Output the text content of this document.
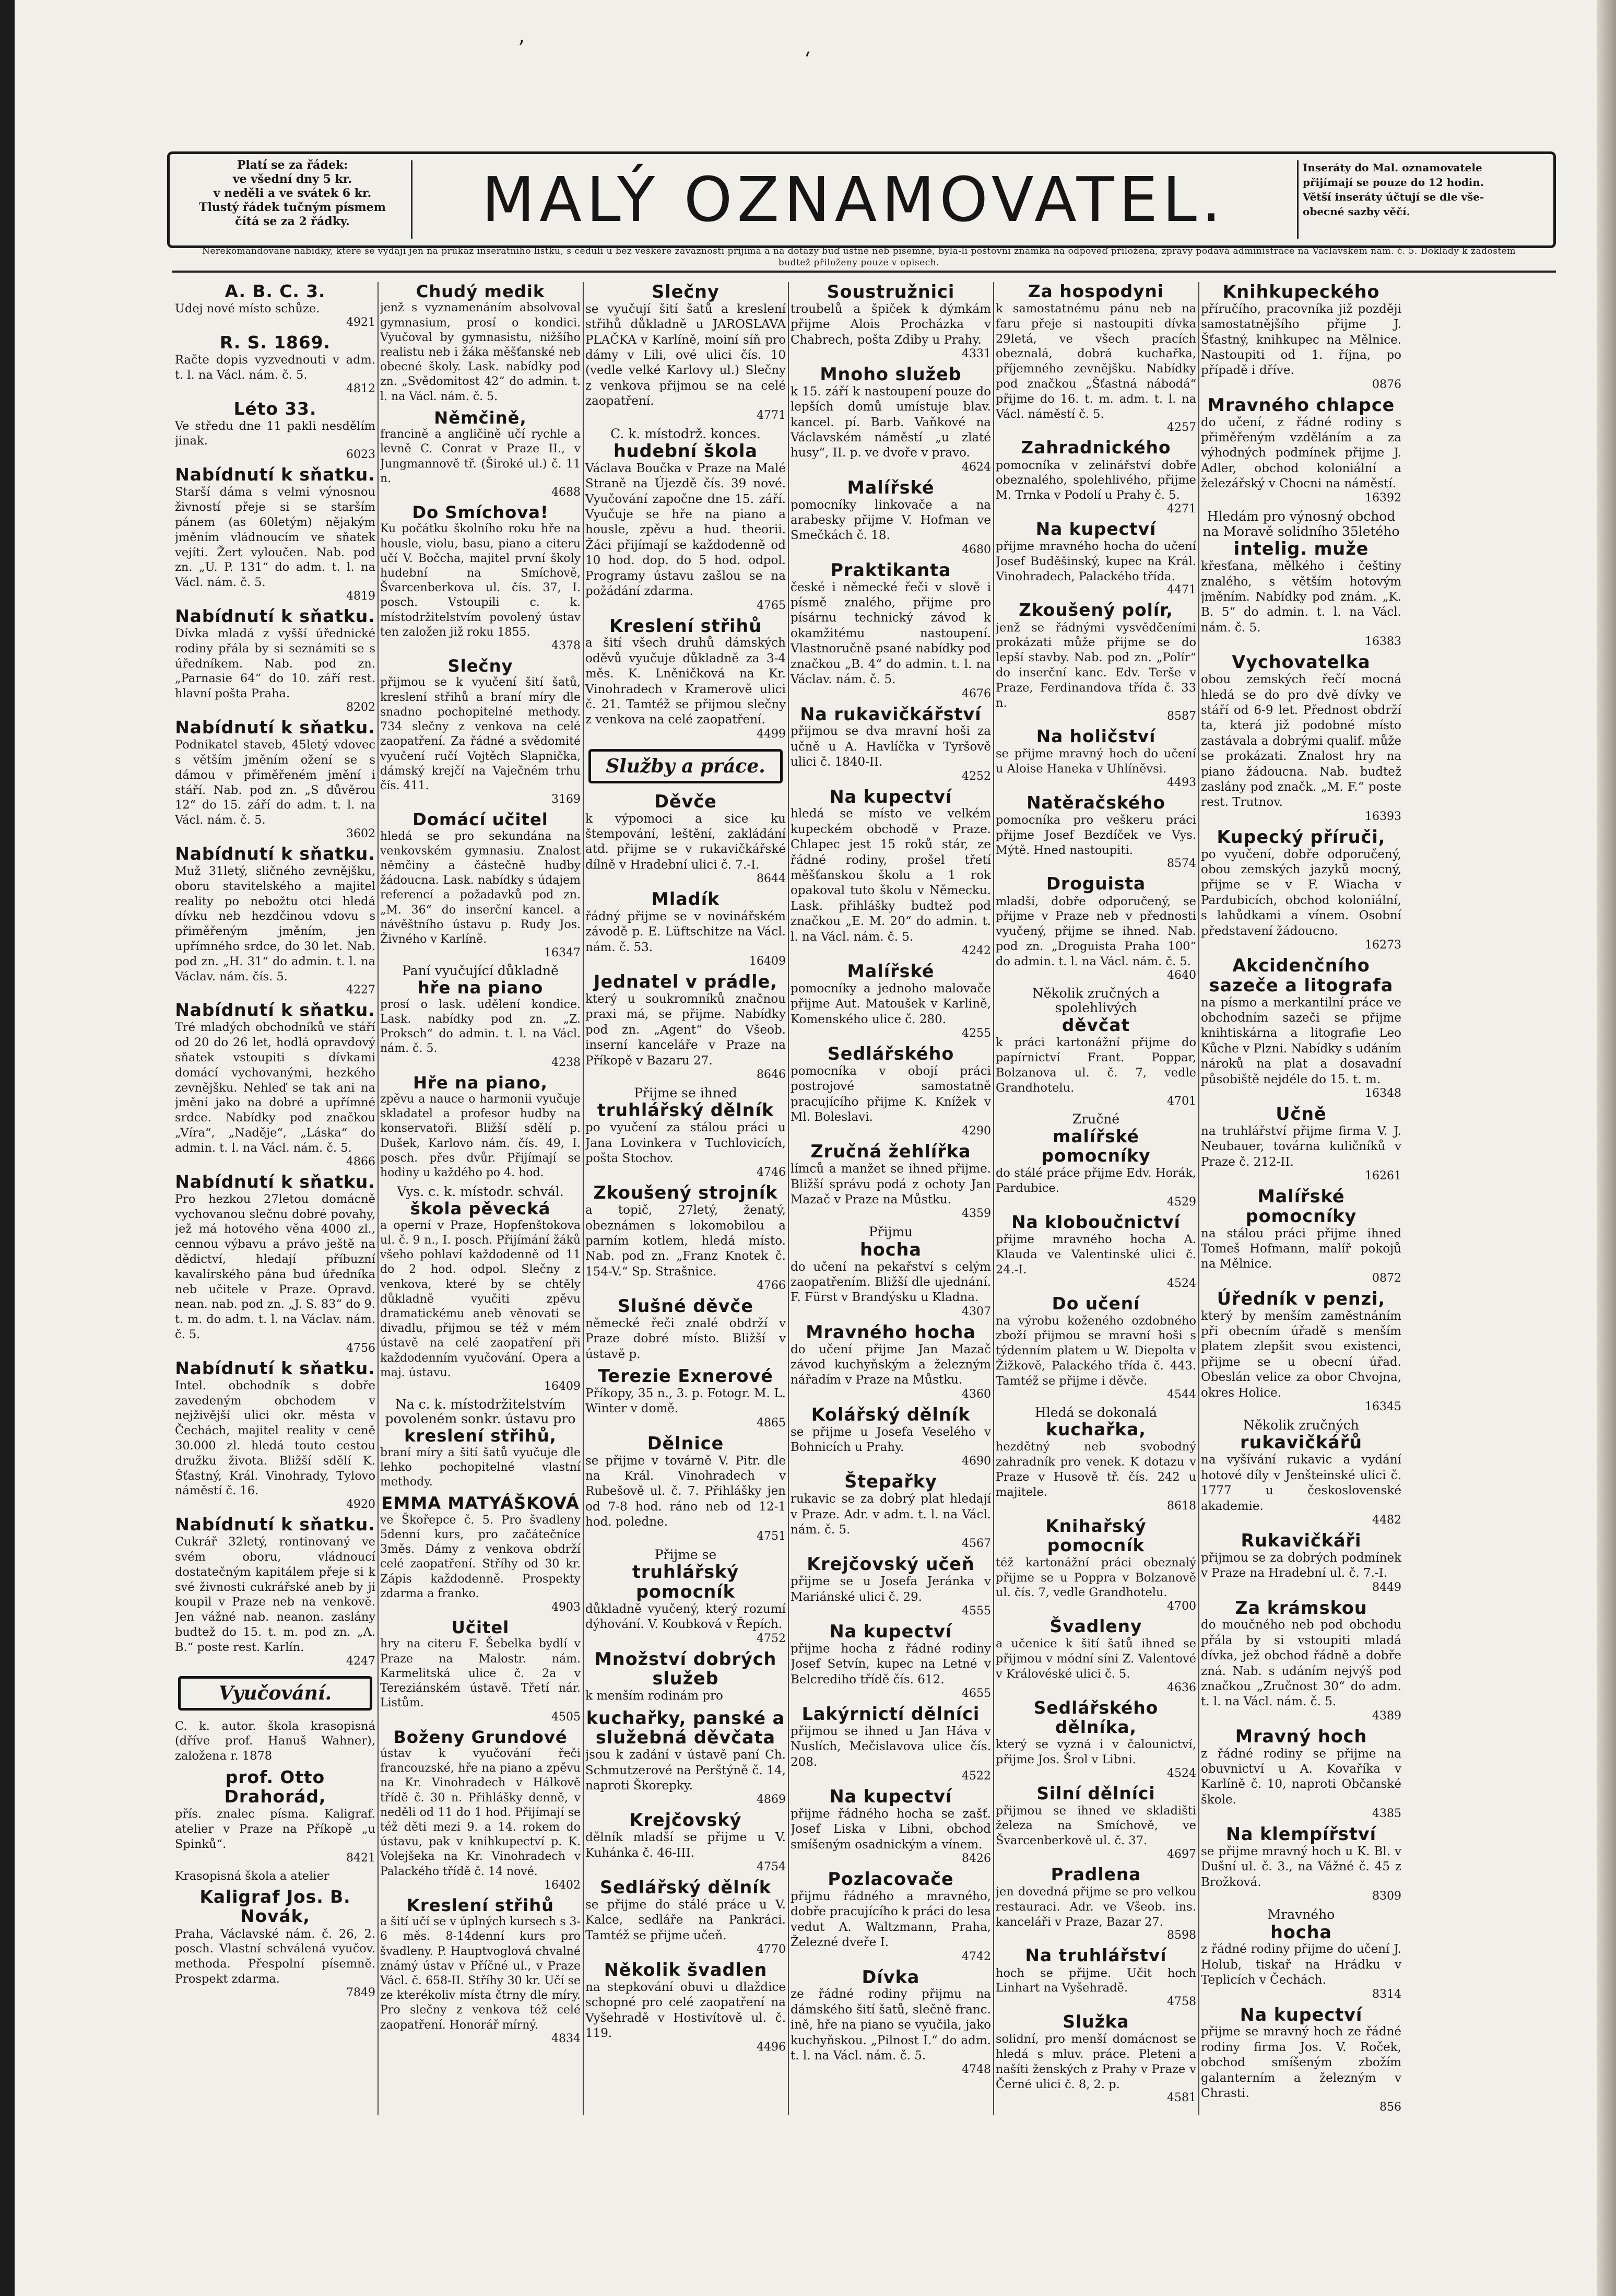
Platí se za řádek:
ve všední dny 5 kr.
v neděli a ve svátek 6 kr.
Tlustý řádek tučným písmem
čítá se za 2 řádky.	MALÝ OZNAMOVATEL.	Inseráty do Mal. oznamovatele
přijímají se pouze do 12 hodin.
Větší inseráty účtují se dle vše-
obecné sazby věčí.
Nerekomandované nabídky, které se vydají jen na průkaz inserátního lístku, s cedulí u bez veškeré závaznosti přijímá a na dotazy buď ústně neb písemně, byla-li poštovní známka na odpověď přiložena, zprávy podává administrace na Václavském nám. č. 5. Doklady k žádostem budtež přiloženy pouze v opisech.
A. B. C. 3.
Udej nové místo schůze.
4921
R. S. 1869.
Račte dopis vyzvednouti v adm. t. l. na Václ. nám. č. 5.
4812
Léto 33.
Ve středu dne 11 pakli nesdělím jinak.
6023
Nabídnutí k sňatku.
Starší dáma s velmi výnosnou živností přeje si se starším pánem (as 60letým) nějakým jměním vládnoucím ve sňatek vejíti. Žert vyloučen. Nab. pod zn. „U. P. 131“ do adm. t. l. na Václ. nám. č. 5.
4819
Nabídnutí k sňatku.
Dívka mladá z vyšší úřednické rodiny přála by si seznámiti se s úředníkem. Nab. pod zn. „Parnasie 64“ do 10. září rest. hlavní pošta Praha.
8202
Nabídnutí k sňatku.
Podnikatel staveb, 45letý vdovec s větším jměním ožení se s dámou v přiměřeném jmění i stáří. Nab. pod zn. „S důvěrou 12“ do 15. září do adm. t. l. na Václ. nám. č. 5.
3602
Nabídnutí k sňatku.
Muž 31letý, sličného zevnějšku, oboru stavitelského a majitel reality po nebožtu otci hledá dívku neb hezdčinou vdovu s přiměřeným jměním, jen upřímného srdce, do 30 let. Nab. pod zn. „H. 31“ do admin. t. l. na Václav. nám. čís. 5.
4227
Nabídnutí k sňatku.
Tré mladých obchodníků ve stáří od 20 do 26 let, hodlá opravdový sňatek vstoupiti s dívkami domácí vychovanými, hezkého zevnějšku. Nehleď se tak ani na jmění jako na dobré a upřímné srdce. Nabídky pod značkou „Víra“, „Naděje“, „Láska“ do admin. t. l. na Václ. nám. č. 5.
4866
Nabídnutí k sňatku.
Pro hezkou 27letou domácně vychovanou slečnu dobré povahy, jež má hotového věna 4000 zl., cennou výbavu a právo ještě na dědictví, hledají příbuzní kavalírského pána bud úředníka neb učitele v Praze. Opravd. nean. nab. pod zn. „J. S. 83“ do 9. t. m. do adm. t. l. na Václav. nám. č. 5.
4756
Nabídnutí k sňatku.
Intel. obchodník s dobře zavedeným obchodem v nejživější ulici okr. města v Čechách, majitel reality v ceně 30.000 zl. hledá touto cestou družku života. Bližší sdělí K. Šťastný, Král. Vinohrady, Tylovo náměstí č. 16.
4920
Nabídnutí k sňatku.
Cukrář 32letý, rontinovaný ve svém oboru, vládnoucí dostatečným kapitálem přeje si k své živnosti cukrářské aneb by ji koupil v Praze neb na venkově. Jen vážné nab. neanon. zaslány budtež do 15. t. m. pod zn. „A. B.“ poste rest. Karlín.
4247
Vyučování.
C. k. autor. škola krasopisná (dříve prof. Hanuš Wahner), založena r. 1878
prof. Otto Drahorád,
přís. znalec písma. Kaligraf. atelier v Praze na Příkopě „u Spinků“.
8421
Krasopisná škola a atelier
Kaligraf Jos. B. Novák,
Praha, Václavské nám. č. 26, 2. posch. Vlastní schválená vyučov. methoda. Přespolní písemně. Prospekt zdarma.
7849
Chudý medik
jenž s vyznamenáním absolvoval gymnasium, prosí o kondici. Vyučoval by gymnasistu, nižšího realistu neb i žáka měšťanské neb obecné školy. Lask. nabídky pod zn. „Svědomitost 42“ do admin. t. l. na Václ. nám. č. 5.
Němčině,
francině a angličině učí rychle a levně C. Conrat v Praze II., v Jungmannově tř. (Široké ul.) č. 11 n.
4688
Do Smíchova!
Ku počátku školního roku hře na housle, violu, basu, piano a citeru učí V. Bočcha, majitel první školy hudební na Smíchově, Švarcenberkova ul. čís. 37, I. posch. Vstoupili c. k. místodržitelstvím povolený ústav ten založen již roku 1855.
4378
Slečny
přijmou se k vyučení šití šatů, kreslení střihů a braní míry dle snadno pochopitelné methody. 734 slečny z venkova na celé zaopatření. Za řádné a svědomité vyučení ručí Vojtěch Slapnička, dámský krejčí na Vaječném trhu čís. 411.
3169
Domácí učitel
hledá se pro sekundána na venkovském gymnasiu. Znalost němčiny a částečně hudby žádoucna. Lask. nabídky s údajem referencí a požadavků pod zn. „M. 36“ do inserční kancel. a návěštního ústavu p. Rudy Jos. Živného v Karlíně.
16347
Paní vyučující důkladně
hře na piano
prosí o lask. udělení kondice. Lask. nabídky pod zn. „Z. Proksch“ do admin. t. l. na Václ. nám. č. 5.
4238
Hře na piano,
zpěvu a nauce o harmonii vyučuje skladatel a profesor hudby na konservatoři. Bližší sdělí p. Dušek, Karlovo nám. čís. 49, I. posch. přes dvůr. Přijímají se hodiny u každého po 4. hod.
Vys. c. k. místodr. schvál.
škola pěvecká
a operní v Praze, Hopfenštokova ul. č. 9 n., I. posch. Přijímání žáků všeho pohlaví každodenně od 11 do 2 hod. odpol. Slečny z venkova, které by se chtěly důkladně vyučiti zpěvu dramatickému aneb věnovati se divadlu, přijmou se též v mém ústavě na celé zaopatření při každodenním vyučování. Opera a maj. ústavu.
16409
Na c. k. místodržitelstvím povoleném sonkr. ústavu pro
kreslení střihů,
braní míry a šití šatů vyučuje dle lehko pochopitelné vlastní methody.
EMMA MATYÁŠKOVÁ
ve Škořepce č. 5. Pro švadleny 5denní kurs, pro začátečníce 3měs. Dámy z venkova obdrží celé zaopatření. Stříhy od 30 kr. Zápis každodenně. Prospekty zdarma a franko.
4903
Učitel
hry na citeru F. Šebelka bydlí v Praze na Malostr. nám. Karmelitská ulice č. 2a v Tereziánském ústavě. Třetí nár. Listům.
4505
Boženy Grundové
ústav k vyučování řeči francouzské, hře na piano a zpěvu na Kr. Vinohradech v Hálkově třídě č. 30 n. Přihlášky denně, v neděli od 11 do 1 hod. Přijímají se též děti mezi 9. a 14. rokem do ústavu, pak v knihkupectví p. K. Volejšeka na Kr. Vinohradech v Palackého třídě č. 14 nové.
16402
Kreslení střihů
a šití učí se v úplných kursech s 3-6 měs. 8-14denní kurs pro švadleny. P. Hauptvoglová chvalné známý ústav v Příčné ul., v Praze Václ. č. 658-II. Stříhy 30 kr. Učí se ze kterékoliv místa čtrny dle míry. Pro slečny z venkova též celé zaopatření. Honorář mírný.
4834
Slečny
se vyučují šití šatů a kreslení střihů důkladně u JAROSLAVA PLAČKA v Karlíně, moiní síň pro dámy v Lili, ové ulici čís. 10 (vedle velké Karlovy ul.) Slečny z venkova přijmou se na celé zaopatření.
4771
C. k. místodrž. konces.
hudební škola
Václava Boučka v Praze na Malé Straně na Újezdě čís. 39 nové. Vyučování započne dne 15. září. Vyučuje se hře na piano a housle, zpěvu a hud. theorii. Žáci přijímají se každodenně od 10 hod. dop. do 5 hod. odpol. Programy ústavu zašlou se na požádání zdarma.
4765
Kreslení střihů
a šití všech druhů dámských oděvů vyučuje důkladně za 3-4 měs. K. Lněničková na Kr. Vinohradech v Kramerově ulici č. 21. Tamtéž se přijmou slečny z venkova na celé zaopatření.
4499
Služby a práce.
Děvče
k výpomoci a sice ku štempování, leštění, zakládání atd. přijme se v rukavičkářské dílně v Hradební ulici č. 7.-I.
8644
Mladík
řádný přijme se v novinářském závodě p. E. Lüftschitze na Václ. nám. č. 53.
16409
Jednatel v prádle,
který u soukromníků značnou praxi má, se přijme. Nabídky pod zn. „Agent“ do Všeob. inserní kanceláře v Praze na Příkopě v Bazaru 27.
8646
Přijme se ihned
truhlářský dělník
po vyučení za stálou práci u Jana Lovinkera v Tuchlovicích, pošta Stochov.
4746
Zkoušený strojník
a topič, 27letý, ženatý, obeznámen s lokomobilou a parním kotlem, hledá místo. Nab. pod zn. „Franz Knotek č. 154-V.“ Sp. Strašnice.
4766
Slušné děvče
německé řeči znalé obdrží v Praze dobré místo. Bližší v ústavě p.
Terezie Exnerové
Příkopy, 35 n., 3. p. Fotogr. M. L. Winter v domě.
4865
Dělnice
se přijme v továrně V. Pitr. dle na Král. Vinohradech v Rubešově ul. č. 7. Přihlášky jen od 7-8 hod. ráno neb od 12-1 hod. poledne.
4751
Přijme se
truhlářský pomocník
důkladně vyučený, který rozumí dýhování. V. Koubková v Řepích.
4752
Množství dobrých služeb
k menším rodinám pro
kuchařky, panské a služebná děvčata
jsou k zadání v ústavě paní Ch. Schmutzerové na Perštýně č. 14, naproti Škorepky.
4869
Krejčovský
dělník mladší se přijme u V. Kuhánka č. 46-III.
4754
Sedlářský dělník
se přijme do stálé práce u V. Kalce, sedláře na Pankráci. Tamtéž se přijme učeň.
4770
Několik švadlen
na stepkování obuvi u dlaždice schopné pro celé zaopatření na Vyšehradě v Hostivítově ul. č. 119.
4496
Soustružnici
troubelů a špiček k dýmkám přijme Alois Procházka v Chabrech, pošta Zdiby u Prahy.
4331
Mnoho služeb
k 15. září k nastoupení pouze do lepších domů umístuje blav. kancel. pí. Barb. Vaňkové na Václavském náměstí „u zlaté husy“, II. p. ve dvoře v pravo.
4624
Malířské
pomocníky linkovače a na arabesky přijme V. Hofman ve Smečkách č. 18.
4680
Praktikanta
české i německé řeči v slově i písmě znalého, přijme pro písárnu technický závod k okamžitému nastoupení. Vlastnoručně psané nabídky pod značkou „B. 4“ do admin. t. l. na Václav. nám. č. 5.
4676
Na rukavičkářství
přijmou se dva mravní hoši za učně u A. Havlíčka v Tyršově ulici č. 1840-II.
4252
Na kupectví
hledá se místo ve velkém kupeckém obchodě v Praze. Chlapec jest 15 roků stár, ze řádné rodiny, prošel třetí měšťanskou školu a 1 rok opakoval tuto školu v Německu. Lask. přihlášky budtež pod značkou „E. M. 20“ do admin. t. l. na Václ. nám. č. 5.
4242
Malířské
pomocníky a jednoho malovače přijme Aut. Matoušek v Karlině, Komenského ulice č. 280.
4255
Sedlářského
pomocníka v obojí práci postrojové samostatně pracujícího přijme K. Knížek v Ml. Boleslavi.
4290
Zručná žehlířka
límců a manžet se ihned přijme. Bližší správu podá z ochoty Jan Mazač v Praze na Můstku.
4359
Přijmu
hocha
do učení na pekařství s celým zaopatřením. Bližší dle ujednání. F. Fürst v Brandýsku u Kladna.
4307
Mravného hocha
do učení přijme Jan Mazač závod kuchyňským a železným nářadím v Praze na Můstku.
4360
Kolářský dělník
se přijme u Josefa Veselého v Bohnicích u Prahy.
4690
Štepařky
rukavic se za dobrý plat hledají v Praze. Adr. v adm. t. l. na Václ. nám. č. 5.
4567
Krejčovský učeň
přijme se u Josefa Jeránka v Mariánské ulici č. 29.
4555
Na kupectví
přijme hocha z řádné rodiny Josef Setvín, kupec na Letné v Belcrediho třídě čís. 612.
4655
Lakýrnictí dělníci
přijmou se ihned u Jan Háva v Nuslích, Mečislavova ulice čís. 208.
4522
Na kupectví
přijme řádného hocha se zašť. Josef Liska v Libni, obchod smíšeným osadnickým a vínem.
8426
Pozlacovače
přijmu řádného a mravného, dobře pracujícího k práci do lesa vedut A. Waltzmann, Praha, Železné dveře I.
4742
Dívka
ze řádné rodiny přijmu na dámského šití šatů, slečně franc. ině, hře na piano se vyučila, jako kuchyňskou. „Pilnost I.“ do adm. t. l. na Václ. nám. č. 5.
4748
Za hospodyni
k samostatnému pánu neb na faru přeje si nastoupiti dívka 29letá, ve všech pracích obeznalá, dobrá kuchařka, příjemného zevnějšku. Nabídky pod značkou „Šťastná nábodá“ přijme do 16. t. m. adm. t. l. na Václ. náměstí č. 5.
4257
Zahradnického
pomocníka v zelinářství dobře obeznalého, spolehlivého, přijme M. Trnka v Podolí u Prahy č. 5.
4271
Na kupectví
přijme mravného hocha do učení Josef Buděšinský, kupec na Král. Vinohradech, Palackého třída.
4471
Zkoušený polír,
jenž se řádnými vysvědčeními prokázati může přijme se do lepší stavby. Nab. pod zn. „Polír“ do inserční kanc. Edv. Terše v Praze, Ferdinandova třída č. 33 n.
8587
Na holičství
se přijme mravný hoch do učení u Aloise Haneka v Uhlíněvsi.
4493
Natěračského
pomocníka pro veškeru práci přijme Josef Bezdíček ve Vys. Mýtě. Hned nastoupiti.
8574
Droguista
mladší, dobře odporučený, se přijme v Praze neb v přednosti vyučený, přijme se ihned. Nab. pod zn. „Droguista Praha 100“ do admin. t. l. na Václ. nám. č. 5.
4640
Několik zručných a spolehlivých
děvčat
k práci kartonážní přijme do papírnictví Frant. Poppar, Bolzanova ul. č. 7, vedle Grandhotelu.
4701
Zručné
malířské pomocníky
do stálé práce přijme Edv. Horák, Pardubice.
4529
Na kloboučnictví
přijme mravného hocha A. Klauda ve Valentinské ulici č. 24.-I.
4524
Do učení
na výrobu koženého ozdobného zboží přijmou se mravní hoši s týdenním platem u W. Diepolta v Žižkově, Palackého třída č. 443. Tamtéž se přijme i děvče.
4544
Hledá se dokonalá
kuchařka,
hezdětný neb svobodný zahradník pro venek. K dotazu v Praze v Husově tř. čís. 242 u majitele.
8618
Knihařský pomocník
též kartonážní práci obeznalý přijme se u Poppra v Bolzanově ul. čís. 7, vedle Grandhotelu.
4700
Švadleny
a učenice k šití šatů ihned se přijmou v módní síni Z. Valentové v Královéské ulici č. 5.
4636
Sedlářského dělníka,
který se vyzná i v čalounictví, přijme Jos. Šrol v Libni.
4524
Silní dělníci
přijmou se ihned ve skladišti železa na Smíchově, ve Švarcenberkově ul. č. 37.
4697
Pradlena
jen dovedná přijme se pro velkou restauraci. Adr. ve Všeob. ins. kanceláři v Praze, Bazar 27.
8598
Na truhlářství
hoch se přijme. Učit hoch Linhart na Vyšehradě.
4758
Služka
solidní, pro menší domácnost se hledá s mluv. práce. Pleteni a našíti ženských z Prahy v Praze v Černé ulici č. 8, 2. p.
4581
Knihkupeckého
příručího, pracovníka již později samostatnějšího přijme J. Šťastný, knihkupec na Mělnice. Nastoupiti od 1. října, po případě i dříve.
0876
Mravného chlapce
do učení, z řádné rodiny s přiměřeným vzděláním a za výhodných podmínek přijme J. Adler, obchod koloniální a železářský v Chocni na náměstí.
16392
Hledám pro výnosný obchod na Moravě solidního 35letého
intelig. muže
křesťana, mělkého i češtiny znalého, s větším hotovým jměním. Nabídky pod znám. „K. B. 5“ do admin. t. l. na Václ. nám. č. 5.
16383
Vychovatelka
obou zemských řečí mocná hledá se do pro dvě dívky ve stáří od 6-9 let. Přednost obdrží ta, která již podobné místo zastávala a dobrými qualif. může se prokázati. Znalost hry na piano žádoucna. Nab. budtež zaslány pod značk. „M. F.“ poste rest. Trutnov.
16393
Kupecký příruči,
po vyučení, dobře odporučený, obou zemských jazyků mocný, přijme se v F. Wiacha v Pardubicích, obchod koloniální, s lahůdkami a vínem. Osobní představení žádoucno.
16273
Akcidenčního sazeče a litografa
na písmo a merkantilní práce ve obchodním sazeči se přijme knihtiskárna a litografie Leo Kůche v Plzni. Nabídky s udáním nároků na plat a dosavadní působiště nejdéle do 15. t. m.
16348
Učně
na truhlářství přijme firma V. J. Neubauer, továrna kuličníků v Praze č. 212-II.
16261
Malířské pomocníky
na stálou práci přijme ihned Tomeš Hofmann, malíř pokojů na Mělnice.
0872
Úředník v penzi,
který by menším zaměstnáním při obecním úřadě s menším platem zlepšit svou existenci, přijme se u obecní úřad. Obeslán velice za obor Chvojna, okres Holice.
16345
Několik zručných
rukavičkářů
na vyšívání rukavic a vydání hotové díly v Jenšteinské ulici č. 1777 u československé akademie.
4482
Rukavičkáři
přijmou se za dobrých podmínek v Praze na Hradební ul. č. 7.-I.
8449
Za krámskou
do moučného neb pod obchodu přála by si vstoupiti mladá dívka, jež obchod řádně a dobře zná. Nab. s udáním nejvýš pod značkou „Zručnost 30“ do adm. t. l. na Václ. nám. č. 5.
4389
Mravný hoch
z řádné rodiny se přijme na obuvnictví u A. Kovaříka v Karlíně č. 10, naproti Občanské škole.
4385
Na klempířství
se přijme mravný hoch u K. Bl. v Dušní ul. č. 3., na Vážné č. 45 z Brožková.
8309
Mravného
hocha
z řádné rodiny přijme do učení J. Holub, tiskař na Hrádku v Teplicích v Čechách.
8314
Na kupectví
přijme se mravný hoch ze řádné rodiny firma Jos. V. Roček, obchod smíšeným zbožím galanterním a železným v Chrasti.
856
’	‘
